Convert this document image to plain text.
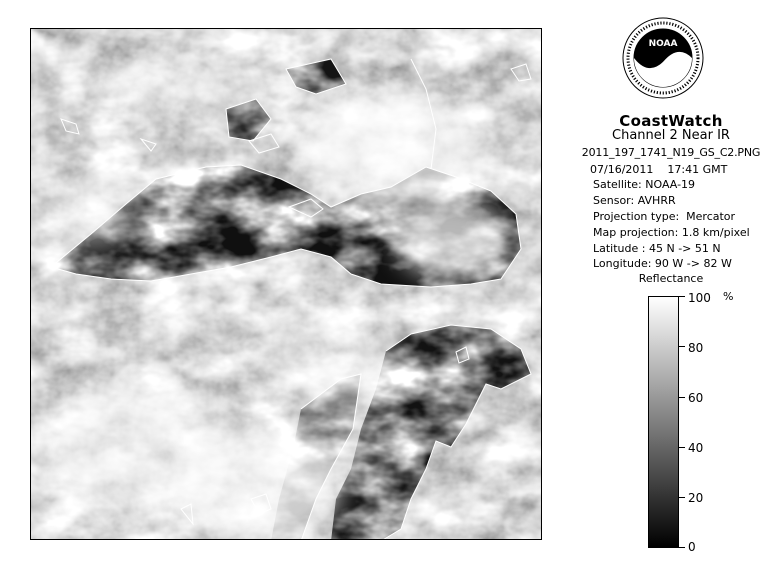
NOAA
CoastWatch
Channel 2 Near IR
2011_197_1741_N19_GS_C2.PNG
07/16/2011    17:41 GMT
Satellite: NOAA-19
Sensor: AVHRR
Projection type:  Mercator
Map projection: 1.8 km/pixel
Latitude : 45 N -> 51 N
Longitude: 90 W -> 82 W
Reflectance
%
100
80
60
40
20
0
